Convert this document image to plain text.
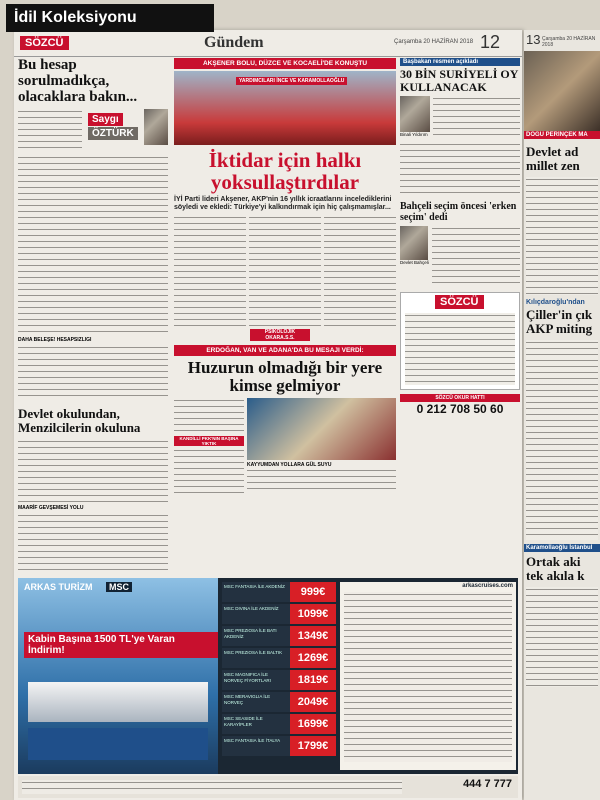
İdil Koleksiyonu
SÖZCÜ	Gündem	Çarşamba 20 HAZİRAN 2018 12
Bu hesap sorulmadıkça, olacaklara bakın...
Saygı
ÖZTÜRK
DAHA BELEŞE! HESAPSIZLIGI
Devlet okulundan, Menzilcilerin okuluna
MAARİF GEVŞEMESİ YOLU
AKŞENER BOLU, DÜZCE VE KOCAELİ'DE KONUŞTU
YARDIMCILARI İNCE VE KARAMOLLAOĞLU
İktidar için halkı yoksullaştırdılar
İYİ Parti lideri Akşener, AKP'nin 16 yıllık icraatlarını incelediklerini söyledi ve ekledi: Türkiye'yi kalkındırmak için hiç çalışmamışlar...
PSİKOLOJİK OKARA.S.S.
ERDOĞAN, VAN VE ADANA'DA BU MESAJI VERDİ:
Huzurun olmadığı bir yere kimse gelmiyor
KANDİLLİ PKK'NIN BAŞINA YIKTIK
KAYYUMDAN YOLLARA GÜL SUYU
Başbakan resmen açıkladı
30 BİN SURİYELİ OY KULLANACAK
Binali Yıldırım
Bahçeli seçim öncesi 'erken seçim' dedi
Devlet Bahçeli
SÖZCÜ
SÖZCÜ OKUR HATTI
0 212 708 50 60
ARKAS TURİZM	MSC
Kabin Başına 1500 TL'ye Varan İndirim!
MSC FANTASIA İLE AKDENİZ	999€
MSC DIVINA İLE AKDENİZ	1099€
MSC PREZIOSA İLE BATI AKDENİZ	1349€
MSC PREZIOSA İLE BALTIK	1269€
MSC MAGNIFICA İLE NORVEÇ FİYORTLARI	1819€
MSC MERAVIGLIA İLE NORVEÇ	2049€
MSC SEASIDE İLE KARAYİPLER	1699€
MSC FANTASIA İLE İTALYA	1799€
arkascruises.com
444 7 777
13 Çarşamba 20 HAZİRAN 2018
DOĞU PERİNÇEK MA
Devlet ad millet zen
Kılıçdaroğlu'ndan
Çiller'in çık AKP miting
Karamollaoğlu İstanbul
Ortak aki tek akıla k
